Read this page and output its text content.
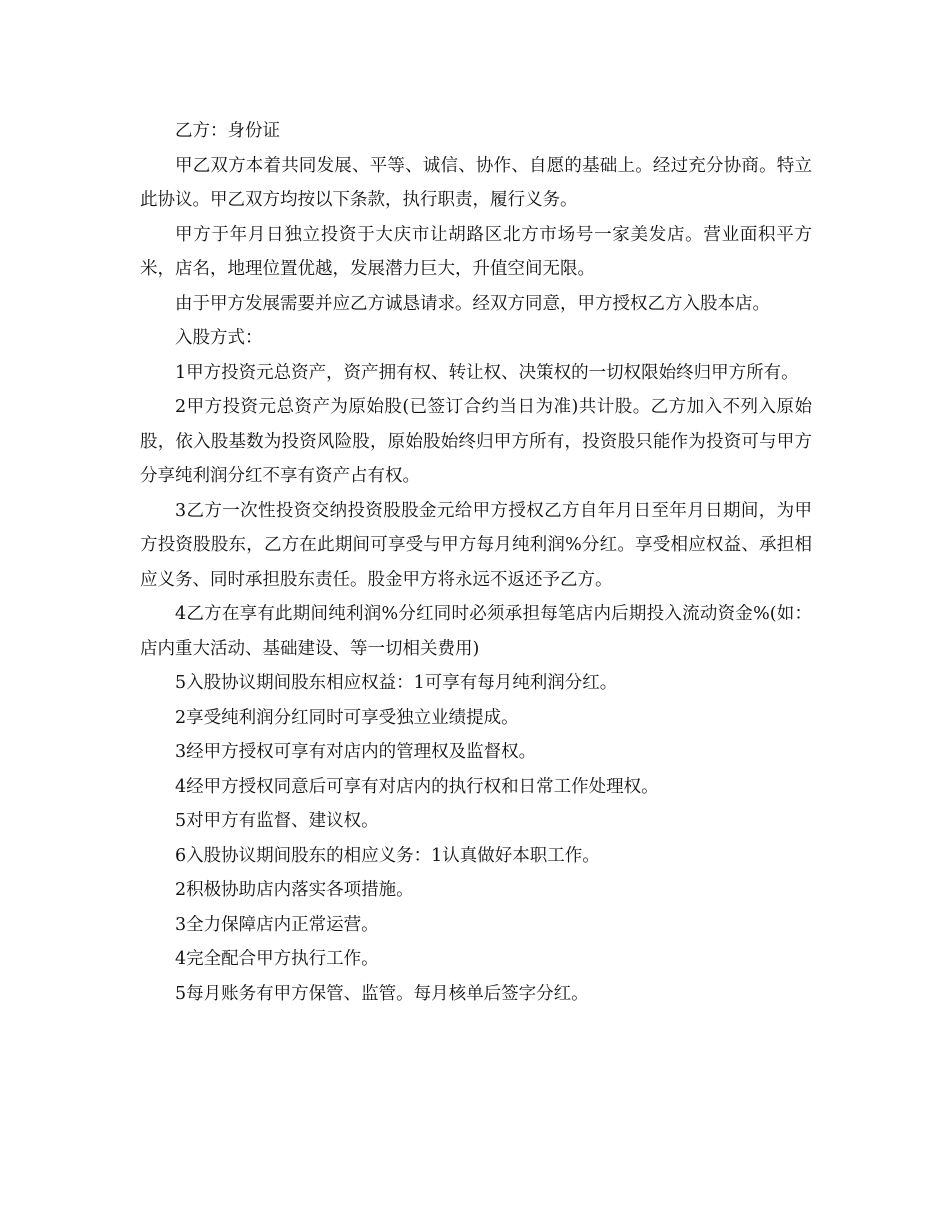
乙方：身份证

甲乙双方本着共同发展、平等、诚信、协作、自愿的基础上。经过充分协商。特立此协议。甲乙双方均按以下条款，执行职责，履行义务。

甲方于年月日独立投资于大庆市让胡路区北方市场号一家美发店。营业面积平方米，店名，地理位置优越，发展潜力巨大，升值空间无限。

由于甲方发展需要并应乙方诚恳请求。经双方同意，甲方授权乙方入股本店。

入股方式：

1甲方投资元总资产，资产拥有权、转让权、决策权的一切权限始终归甲方所有。

2甲方投资元总资产为原始股(已签订合约当日为准)共计股。乙方加入不列入原始股，依入股基数为投资风险股，原始股始终归甲方所有，投资股只能作为投资可与甲方分享纯利润分红不享有资产占有权。

3乙方一次性投资交纳投资股股金元给甲方授权乙方自年月日至年月日期间，为甲方投资股股东，乙方在此期间可享受与甲方每月纯利润%分红。享受相应权益、承担相应义务、同时承担股东责任。股金甲方将永远不返还予乙方。

4乙方在享有此期间纯利润%分红同时必须承担每笔店内后期投入流动资金%(如：店内重大活动、基础建设、等一切相关费用)

5入股协议期间股东相应权益：1可享有每月纯利润分红。

2享受纯利润分红同时可享受独立业绩提成。

3经甲方授权可享有对店内的管理权及监督权。

4经甲方授权同意后可享有对店内的执行权和日常工作处理权。

5对甲方有监督、建议权。

6入股协议期间股东的相应义务：1认真做好本职工作。

2积极协助店内落实各项措施。

3全力保障店内正常运营。

4完全配合甲方执行工作。

5每月账务有甲方保管、监管。每月核单后签字分红。
